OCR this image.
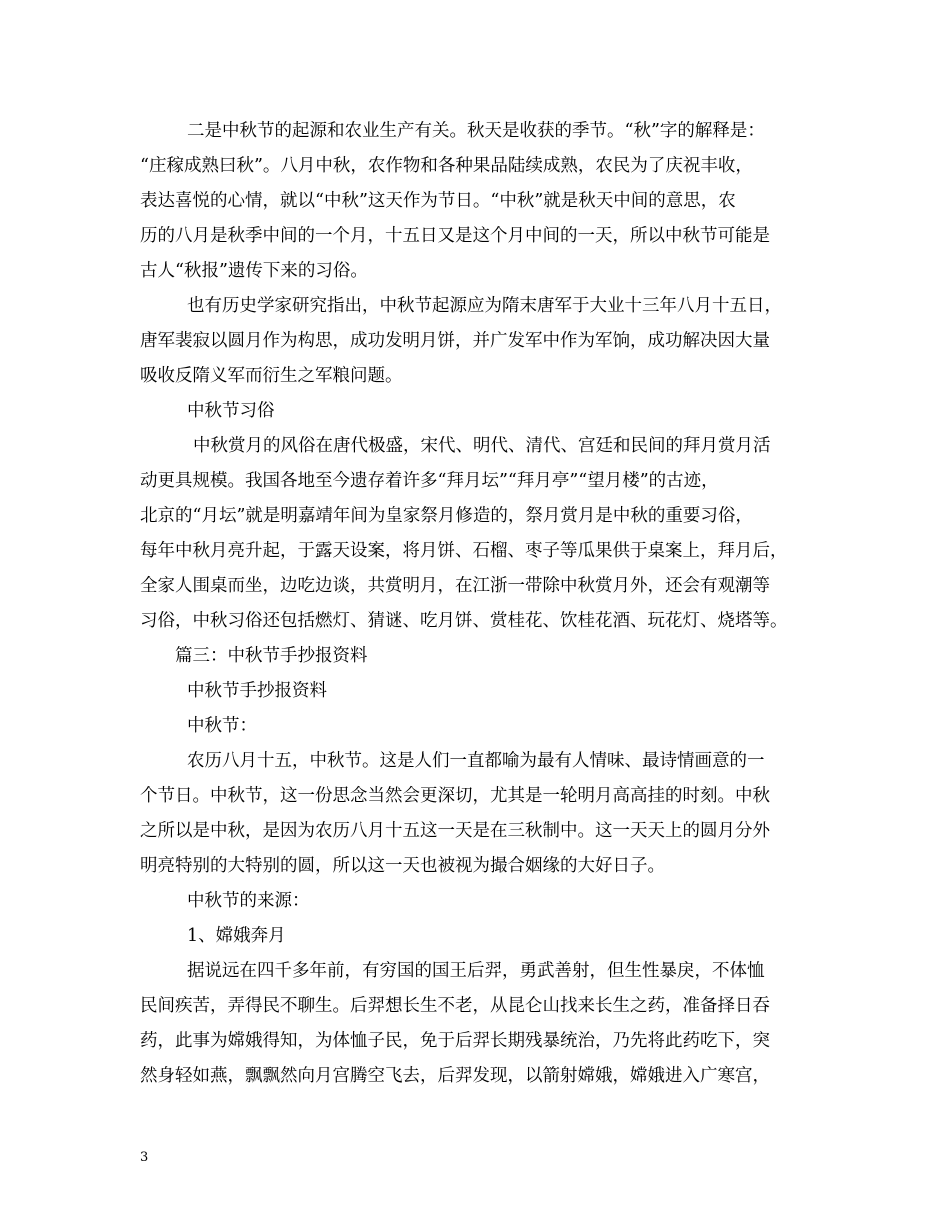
二是中秋节的起源和农业生产有关。秋天是收获的季节。“秋”字的解释是：
“庄稼成熟曰秋”。八月中秋，农作物和各种果品陆续成熟，农民为了庆祝丰收，
表达喜悦的心情，就以“中秋”这天作为节日。“中秋”就是秋天中间的意思，农
历的八月是秋季中间的一个月，十五日又是这个月中间的一天，所以中秋节可能是
古人“秋报”遗传下来的习俗。
也有历史学家研究指出，中秋节起源应为隋末唐军于大业十三年八月十五日，
唐军裴寂以圆月作为构思，成功发明月饼，并广发军中作为军饷，成功解决因大量
吸收反隋义军而衍生之军粮问题。
中秋节习俗
中秋赏月的风俗在唐代极盛，宋代、明代、清代、宫廷和民间的拜月赏月活
动更具规模。我国各地至今遗存着许多“拜月坛”“拜月亭”“望月楼”的古迹，
北京的“月坛”就是明嘉靖年间为皇家祭月修造的，祭月赏月是中秋的重要习俗，
每年中秋月亮升起，于露天设案，将月饼、石榴、枣子等瓜果供于桌案上，拜月后，
全家人围桌而坐，边吃边谈，共赏明月，在江浙一带除中秋赏月外，还会有观潮等
习俗，中秋习俗还包括燃灯、猜谜、吃月饼、赏桂花、饮桂花酒、玩花灯、烧塔等。
篇三：中秋节手抄报资料
中秋节手抄报资料
中秋节：
农历八月十五，中秋节。这是人们一直都喻为最有人情味、最诗情画意的一
个节日。中秋节，这一份思念当然会更深切，尤其是一轮明月高高挂的时刻。中秋
之所以是中秋，是因为农历八月十五这一天是在三秋制中。这一天天上的圆月分外
明亮特别的大特别的圆，所以这一天也被视为撮合姻缘的大好日子。
中秋节的来源：
1、嫦娥奔月
据说远在四千多年前，有穷国的国王后羿，勇武善射，但生性暴戾，不体恤
民间疾苦，弄得民不聊生。后羿想长生不老，从昆仑山找来长生之药，准备择日吞
药，此事为嫦娥得知，为体恤子民，免于后羿长期残暴统治，乃先将此药吃下，突
然身轻如燕，飘飘然向月宫腾空飞去，后羿发现，以箭射嫦娥，嫦娥进入广寒宫，
3
